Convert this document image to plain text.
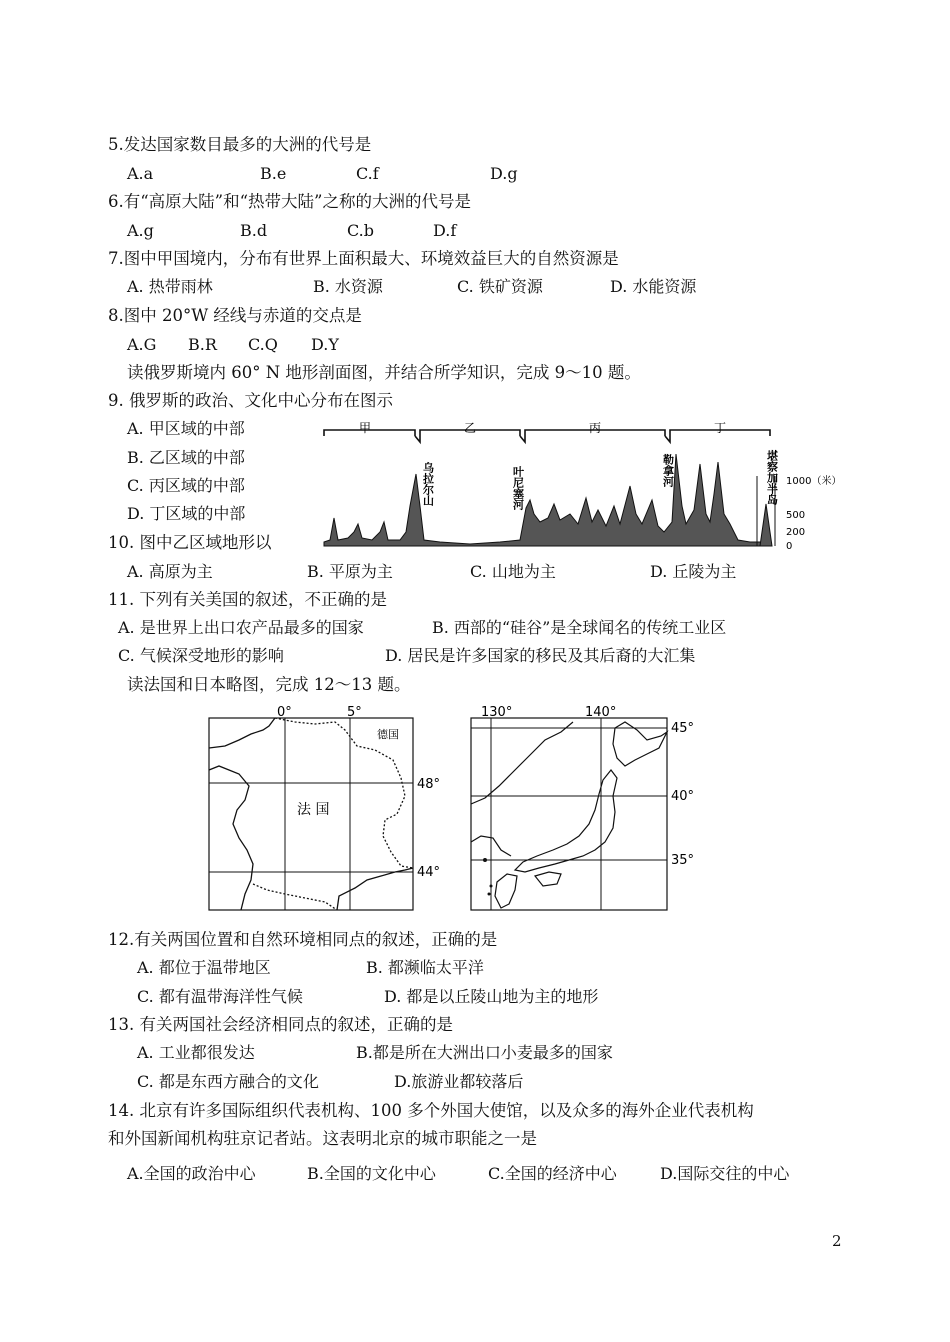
5.发达国家数目最多的大洲的代号是
A.a	B.e	C.f	D.g
6.有“高原大陆”和“热带大陆”之称的大洲的代号是
A.g	B.d	C.b	D.f
7.图中甲国境内，分布有世界上面积最大、环境效益巨大的自然资源是
A. 热带雨林	B. 水资源	C. 铁矿资源	D. 水能资源
8.图中 20°W 经线与赤道的交点是
A.G B.R C.Q D.Y
读俄罗斯境内 60° N 地形剖面图，并结合所学知识，完成 9～10 题。
9. 俄罗斯的政治、文化中心分布在图示
A. 甲区域的中部
B. 乙区域的中部
C. 丙区域的中部
D. 丁区域的中部
甲	乙	丙	丁
乌拉尔山	叶尼塞河	勒拿河	堪察加半岛 1000（米）
500
200
0
10. 图中乙区域地形以
A. 高原为主	B. 平原为主	C. 山地为主	D. 丘陵为主
11. 下列有关美国的叙述，不正确的是
A. 是世界上出口农产品最多的国家	B. 西部的“硅谷”是全球闻名的传统工业区
C. 气候深受地形的影响	D. 居民是许多国家的移民及其后裔的大汇集
读法国和日本略图，完成 12～13 题。
0°	5°
法 国
德国
48°
44°
130°	140°
45°
40°
35°
12.有关两国位置和自然环境相同点的叙述，正确的是
A. 都位于温带地区	B. 都濒临太平洋
C. 都有温带海洋性气候	D. 都是以丘陵山地为主的地形
13. 有关两国社会经济相同点的叙述，正确的是
A. 工业都很发达	B.都是所在大洲出口小麦最多的国家
C. 都是东西方融合的文化	D.旅游业都较落后
14. 北京有许多国际组织代表机构、100 多个外国大使馆，以及众多的海外企业代表机构
和外国新闻机构驻京记者站。这表明北京的城市职能之一是
A.全国的政治中心	B.全国的文化中心	C.全国的经济中心	D.国际交往的中心
2
